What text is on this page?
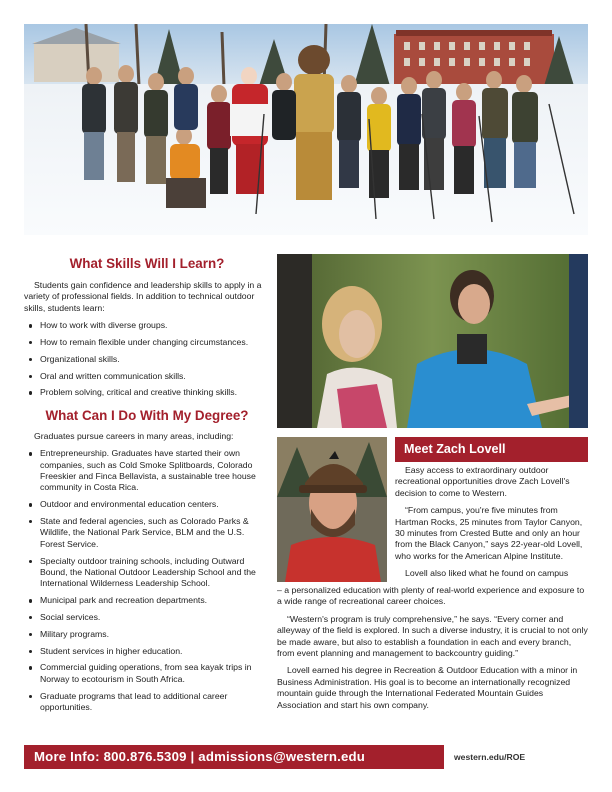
What Skills Will I Learn?

Students gain confidence and leadership skills to apply in a variety of professional fields. In addition to technical outdoor skills, students learn:

How to work with diverse groups.
How to remain flexible under changing circumstances.
Organizational skills.
Oral and written communication skills.
Problem solving, critical and creative thinking skills.
What Can I Do With My Degree?

Graduates pursue careers in many areas, including:

Entrepreneurship. Graduates have started their own companies, such as Cold Smoke Splitboards, Colorado Freeskier and Finca Bellavista, a sustainable tree house community in Costa Rica.
Outdoor and environmental education centers.
State and federal agencies, such as Colorado Parks & Wildlife, the National Park Service, BLM and the U.S. Forest Service.
Specialty outdoor training schools, including Outward Bound, the National Outdoor Leadership School and the International Wilderness Leadership School.
Municipal park and recreation departments.
Social services.
Military programs.
Student services in higher education.
Commercial guiding operations, from sea kayak trips in Norway to ecotourism in South Africa.
Graduate programs that lead to additional career opportunities.
Meet Zach Lovell

Easy access to extraordinary outdoor recreational opportunities drove Zach Lovell's decision to come to Western.

“From campus, you're five minutes from Hartman Rocks, 25 minutes from Taylor Canyon, 30 minutes from Crested Butte and only an hour from the Black Canyon,” says 22-year-old Lovell, who works for the American Alpine Institute.

Lovell also liked what he found on campus

– a personalized education with plenty of real-world experience and exposure to a wide range of recreational career choices.

“Western's program is truly comprehensive,” he says. “Every corner and alleyway of the field is explored. In such a diverse industry, it is crucial to not only be made aware, but also to establish a foundation in each and every branch, from event planning and management to backcountry guiding.”

Lovell earned his degree in Recreation & Outdoor Education with a minor in Business Administration. His goal is to become an internationally recognized mountain guide through the International Federated Mountain Guides Association and start his own company.

More Info: 800.876.5309 | admissions@western.edu	western.edu/ROE
